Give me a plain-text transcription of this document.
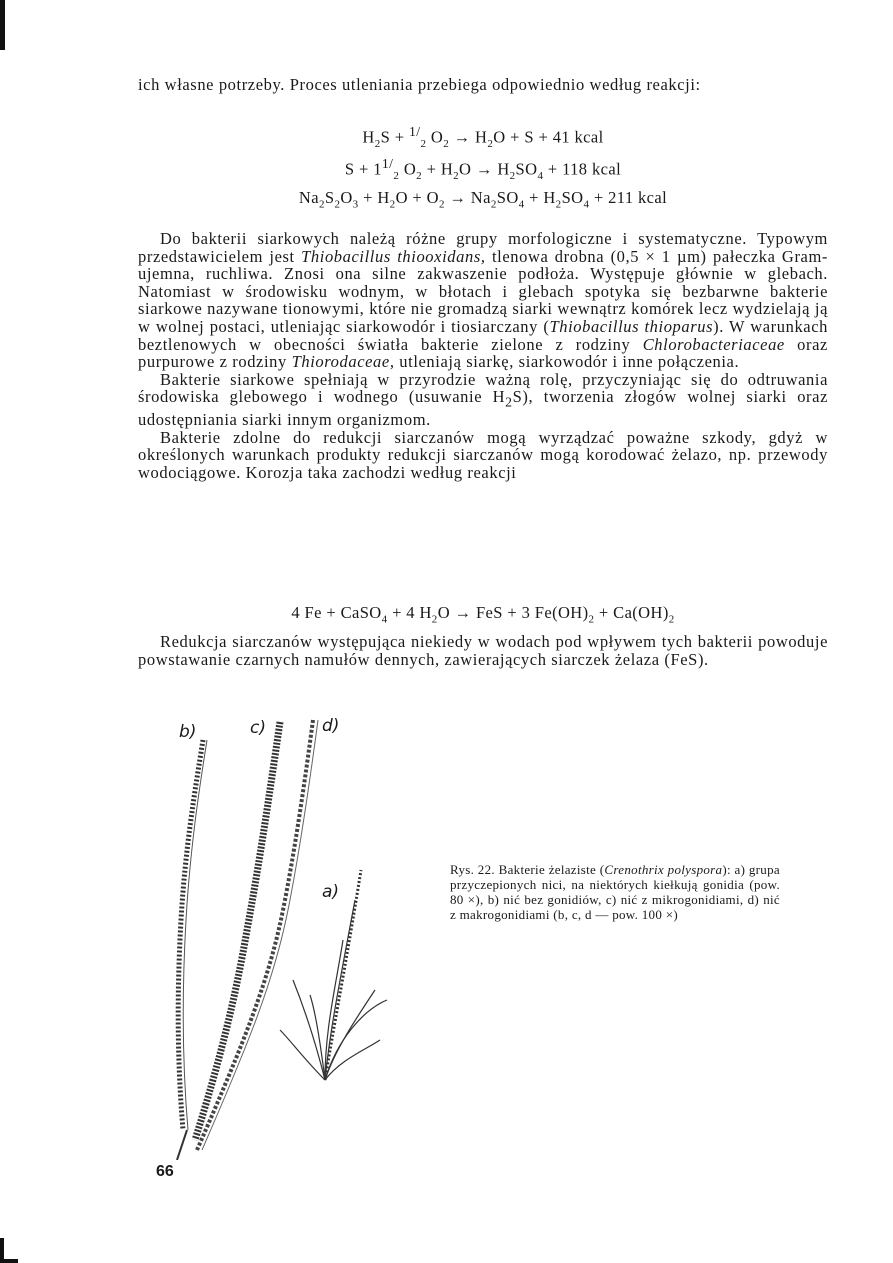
ich własne potrzeby. Proces utleniania przebiega odpowiednio według reakcji:

$H_2S + ^{1/}_2$ $O_2 \to H_2O + S + 41$ kcal
$S + 1^{1/}_2$ $O_2 + H_2O \to H_2SO_4 + 118$ kcal
$Na_2S_2O_3 + H_2O + O_2 \to Na_2SO_4 + H_2SO_4 + 211$ kcal

Do bakterii siarkowych należą różne grupy morfologiczne i systematyczne. Typowym przedstawicielem jest Thiobacillus thiooxidans, tlenowa drobna (0,5 × 1 µm) pałeczka Gram-ujemna, ruchliwa. Znosi ona silne zakwaszenie podłoża. Występuje głównie w glebach. Natomiast w środowisku wodnym, w błotach i glebach spotyka się bezbarwne bakterie siarkowe nazywane tionowymi, które nie gromadzą siarki wewnątrz komórek lecz wydzielają ją w wolnej postaci, utleniając siarkowodór i tiosiarczany (Thiobacillus thioparus). W warunkach beztlenowych w obecności światła bakterie zielone z rodziny Chlorobacteriaceae oraz purpurowe z rodziny Thiorodaceae, utleniają siarkę, siarkowodór i inne połączenia.

Bakterie siarkowe spełniają w przyrodzie ważną rolę, przyczyniając się do odtruwania środowiska glebowego i wodnego (usuwanie $H_2S$), tworzenia złogów wolnej siarki oraz udostępniania siarki innym organizmom.

Bakterie zdolne do redukcji siarczanów mogą wyrządzać poważne szkody, gdyż w określonych warunkach produkty redukcji siarczanów mogą korodować żelazo, np. przewody wodociągowe. Korozja taka zachodzi według reakcji

4 Fe + CaSO$_4$ + 4 $H_2O$ → FeS + 3 $Fe(OH)_2 + Ca(OH)_2$

Redukcja siarczanów występująca niekiedy w wodach pod wpływem tych bakterii powoduje powstawanie czarnych namułów dennych, zawierających siarczek żelaza (FeS).

b)	c)	d)
a)
Rys. 22. Bakterie żelaziste (Crenothrix polyspora): a) grupa przyczepionych nici, na niektórych kiełkują gonidia (pow. 80 ×), b) nić bez gonidiów, c) nić z mikrogonidiami, d) nić z makrogonidiami (b, c, d — pow. 100 ×)
66
